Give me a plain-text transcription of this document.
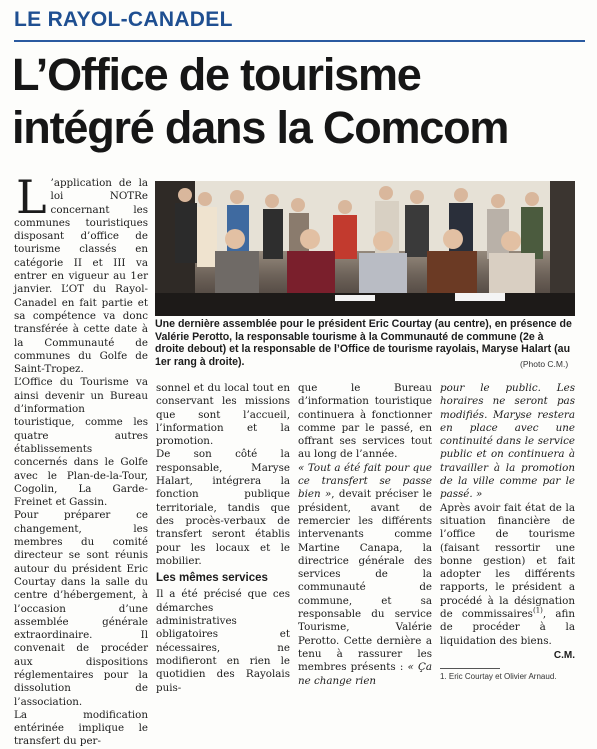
LE RAYOL-CANADEL
L’Office de tourisme
intégré dans la Comcom

L ’application de la loi NOTRe concernant les communes touristiques disposant d’office de tourisme classés en catégorie II et III va entrer en vigueur au 1er janvier. L’OT du Rayol-Canadel en fait partie et sa compétence va donc transférée à cette date à la Communauté de communes du Golfe de Saint-Tropez.

L’Office du Tourisme va ainsi devenir un Bureau d’information touristique, comme les quatre autres établissements concernés dans le Golfe avec le Plan-de-la-Tour, Cogolin, La Garde-Freinet et Gassin.

Pour préparer ce changement, les membres du comité directeur se sont réunis autour du président Eric Courtay dans la salle du centre d’hébergement, à l’occasion d’une assemblée générale extraordinaire. Il convenait de procéder aux dispositions réglementaires pour la dissolution de l’association.

La modification entérinée implique le transfert du per-

Une dernière assemblée pour le président Eric Courtay (au centre), en présence de Valérie Perotto, la responsable tourisme à la Communauté de commune (2e à droite debout) et la responsable de l’Office de tourisme rayolais, Maryse Halart (au 1er rang à droite).	(Photo C.M.)

sonnel et du local tout en conservant les missions que sont l’accueil, l’information et la promotion.

De son côté la responsable, Maryse Halart, intégrera la fonction publique territoriale, tandis que des procès-verbaux de transfert seront établis pour les locaux et le mobilier.

Les mêmes services

Il a été précisé que ces démarches administratives obligatoires et nécessaires, ne modifieront en rien le quotidien des Rayolais puis-

que le Bureau d’information touristique continuera à fonctionner comme par le passé, en offrant ses services tout au long de l’année.

« Tout a été fait pour que ce transfert se passe bien », devait préciser le président, avant de remercier les différents intervenants comme Martine Canapa, la directrice générale des services de la communauté de commune, et sa responsable du service Tourisme, Valérie Perotto. Cette dernière a tenu à rassurer les membres présents : « Ça ne change rien

pour le public. Les horaires ne seront pas modifiés. Maryse restera en place avec une continuité dans le service public et on continuera à travailler à la promotion de la ville comme par le passé. »

Après avoir fait état de la situation financière de l’office de tourisme (faisant ressortir une bonne gestion) et fait adopter les différents rapports, le président a procédé à la désignation de commissaires$^{(1)}$, afin de procéder à la liquidation des biens.

C.M.

1. Eric Courtay et Olivier Arnaud.
